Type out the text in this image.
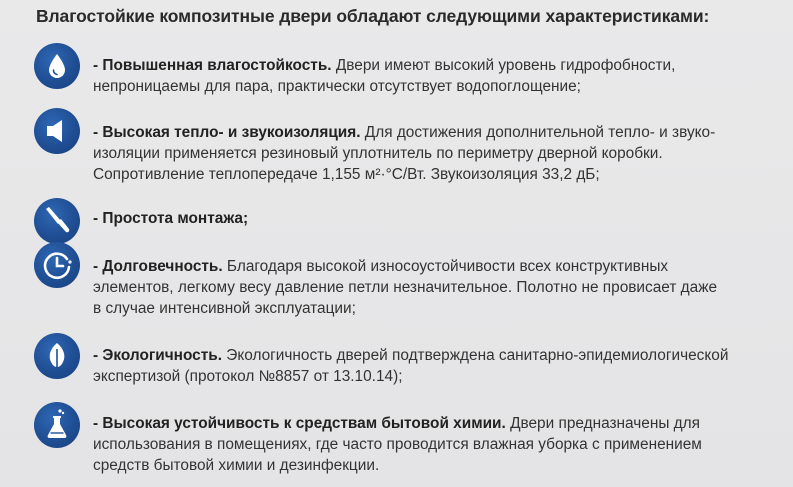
Влагостойкие композитные двери обладают следующими характеристиками:
- Повышенная влагостойкость. Двери имеют высокий уровень гидрофобности,
непроницаемы для пара, практически отсутствует водопоглощение;
- Высокая тепло- и звукоизоляция. Для достижения дополнительной тепло- и звуко-
изоляции применяется резиновый уплотнитель по периметру дверной коробки.
Сопротивление теплопередаче 1,155 м²·°С/Вт. Звукоизоляция 33,2 дБ;
- Простота монтажа;
- Долговечность. Благодаря высокой износоустойчивости всех конструктивных
элементов, легкому весу давление петли незначительное. Полотно не провисает даже
в случае интенсивной эксплуатации;
- Экологичность. Экологичность дверей подтверждена санитарно-эпидемиологической
экспертизой (протокол №8857 от 13.10.14);
- Высокая устойчивость к средствам бытовой химии. Двери предназначены для
использования в помещениях, где часто проводится влажная уборка с применением
средств бытовой химии и дезинфекции.
